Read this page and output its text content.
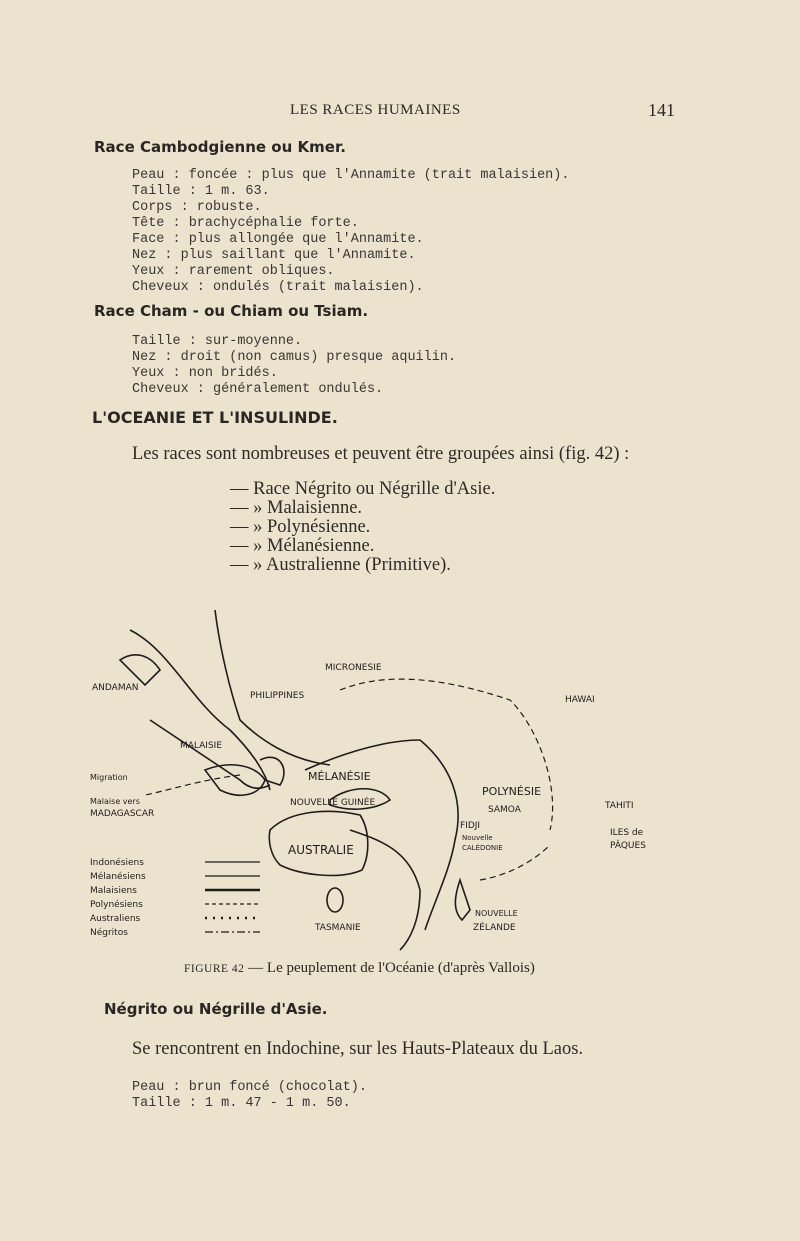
LES RACES HUMAINES	141
Race Cambodgienne ou Kmer.
Peau : foncée : plus que l'Annamite (trait malaisien).
Taille : 1 m. 63.
Corps : robuste.
Tête : brachycéphalie forte.
Face : plus allongée que l'Annamite.
Nez : plus saillant que l'Annamite.
Yeux : rarement obliques.
Cheveux : ondulés (trait malaisien).
Race Cham - ou Chiam ou Tsiam.
Taille : sur-moyenne.
Nez : droit (non camus) presque aquilin.
Yeux : non bridés.
Cheveux : généralement ondulés.
L'OCEANIE ET L'INSULINDE.
Les races sont nombreuses et peuvent être groupées ainsi (fig. 42) :
— Race Négrito ou Négrille d'Asie.
— » Malaisienne.
— » Polynésienne.
— » Mélanésienne.
— » Australienne (Primitive).
MICRONESIE
PHILIPPINES	HAWAI
ANDAMAN
MALAISIE
MÉLANÉSIE
NOUVELLE GUINÉE
POLYNÉSIE
Migration
Malaise vers
MADAGASCAR	SAMOA	TAHITI
FIDJI
Nouvelle
CALÉDONIE
ILES de
PÂQUES
AUSTRALIE
TASMANIE
NOUVELLE
ZÉLANDE
Indonésiens
Mélanésiens
Malaisiens
Polynésiens
Australiens
Négritos
FIGURE 42 — Le peuplement de l'Océanie (d'après Vallois)
Négrito ou Négrille d'Asie.
Se rencontrent en Indochine, sur les Hauts-Plateaux du Laos.
Peau : brun foncé (chocolat).
Taille : 1 m. 47 - 1 m. 50.
